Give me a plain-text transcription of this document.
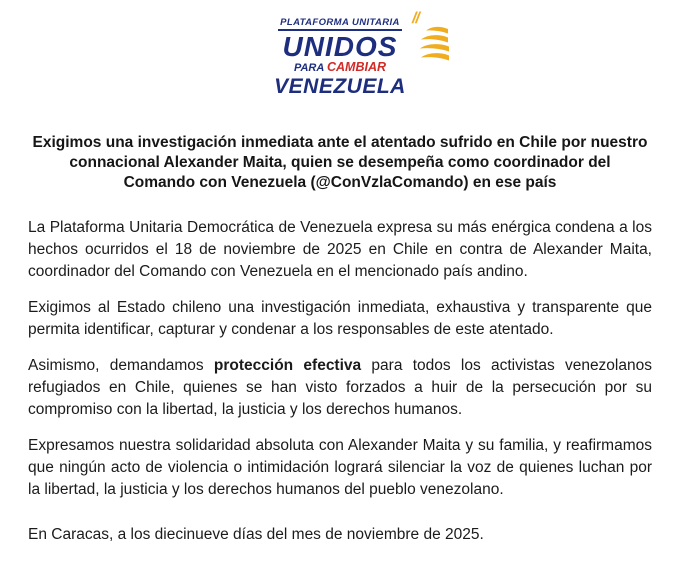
PLATAFORMA UNITARIA //
UNIDOS
PARA CAMBIAR
VENEZUELA
Exigimos una investigación inmediata ante el atentado sufrido en Chile por nuestro connacional Alexander Maita, quien se desempeña como coordinador del Comando con Venezuela (@ConVzlaComando) en ese país

La Plataforma Unitaria Democrática de Venezuela expresa su más enérgica condena a los hechos ocurridos el 18 de noviembre de 2025 en Chile en contra de Alexander Maita, coordinador del Comando con Venezuela en el mencionado país andino.

Exigimos al Estado chileno una investigación inmediata, exhaustiva y transparente que permita identificar, capturar y condenar a los responsables de este atentado.

Asimismo, demandamos protección efectiva para todos los activistas venezolanos refugiados en Chile, quienes se han visto forzados a huir de la persecución por su compromiso con la libertad, la justicia y los derechos humanos.

Expresamos nuestra solidaridad absoluta con Alexander Maita y su familia, y reafirmamos que ningún acto de violencia o intimidación logrará silenciar la voz de quienes luchan por la libertad, la justicia y los derechos humanos del pueblo venezolano.

En Caracas, a los diecinueve días del mes de noviembre de 2025.
